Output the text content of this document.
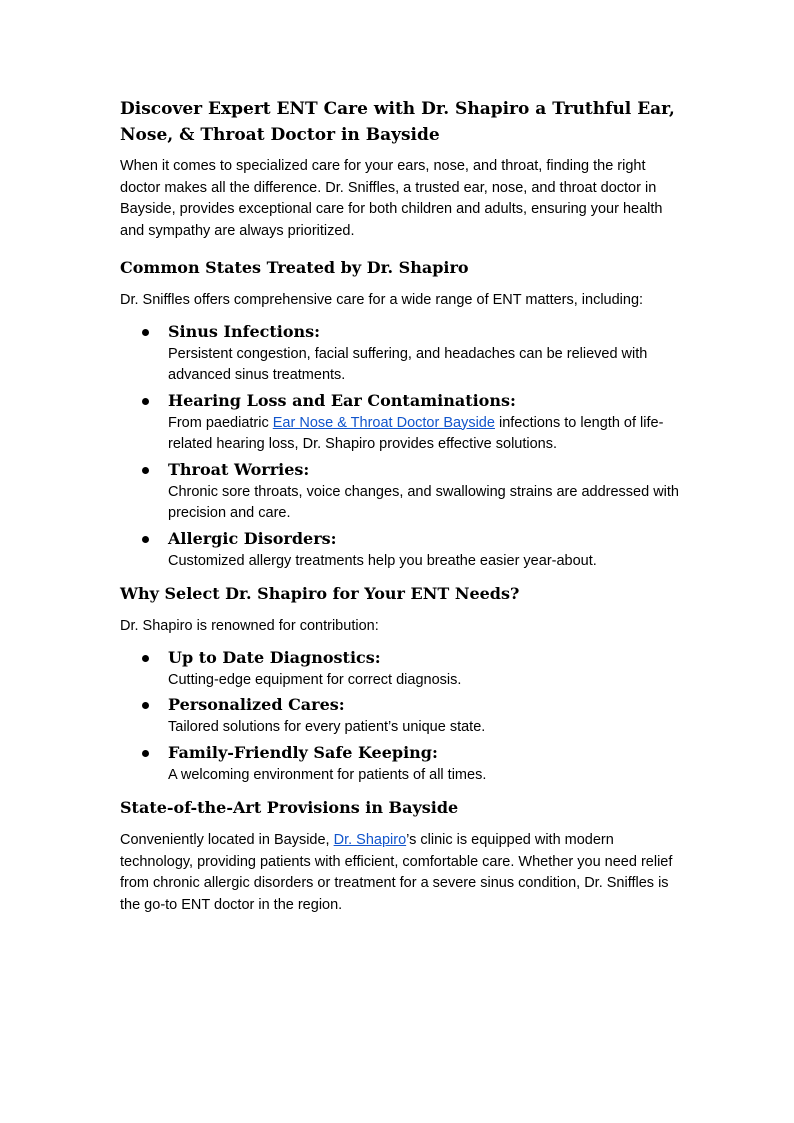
Discover Expert ENT Care with Dr. Shapiro a Truthful Ear, Nose, & Throat Doctor in Bayside

When it comes to specialized care for your ears, nose, and throat, finding the right doctor makes all the difference. Dr. Sniffles, a trusted ear, nose, and throat doctor in Bayside, provides exceptional care for both children and adults, ensuring your health and sympathy are always prioritized.

Common States Treated by Dr. Shapiro

Dr. Sniffles offers comprehensive care for a wide range of ENT matters, including:

Sinus Infections:
Persistent congestion, facial suffering, and headaches can be relieved with advanced sinus treatments.
Hearing Loss and Ear Contaminations:
From paediatric Ear Nose & Throat Doctor Bayside infections to length of life-related hearing loss, Dr. Shapiro provides effective solutions.
Throat Worries:
Chronic sore throats, voice changes, and swallowing strains are addressed with precision and care.
Allergic Disorders:
Customized allergy treatments help you breathe easier year-about.
Why Select Dr. Shapiro for Your ENT Needs?

Dr. Shapiro is renowned for contribution:

Up to Date Diagnostics:
Cutting-edge equipment for correct diagnosis.
Personalized Cares:
Tailored solutions for every patient’s unique state.
Family-Friendly Safe Keeping:
A welcoming environment for patients of all times.
State-of-the-Art Provisions in Bayside

Conveniently located in Bayside, Dr. Shapiro’s clinic is equipped with modern technology, providing patients with efficient, comfortable care. Whether you need relief from chronic allergic disorders or treatment for a severe sinus condition, Dr. Sniffles is the go-to ENT doctor in the region.
